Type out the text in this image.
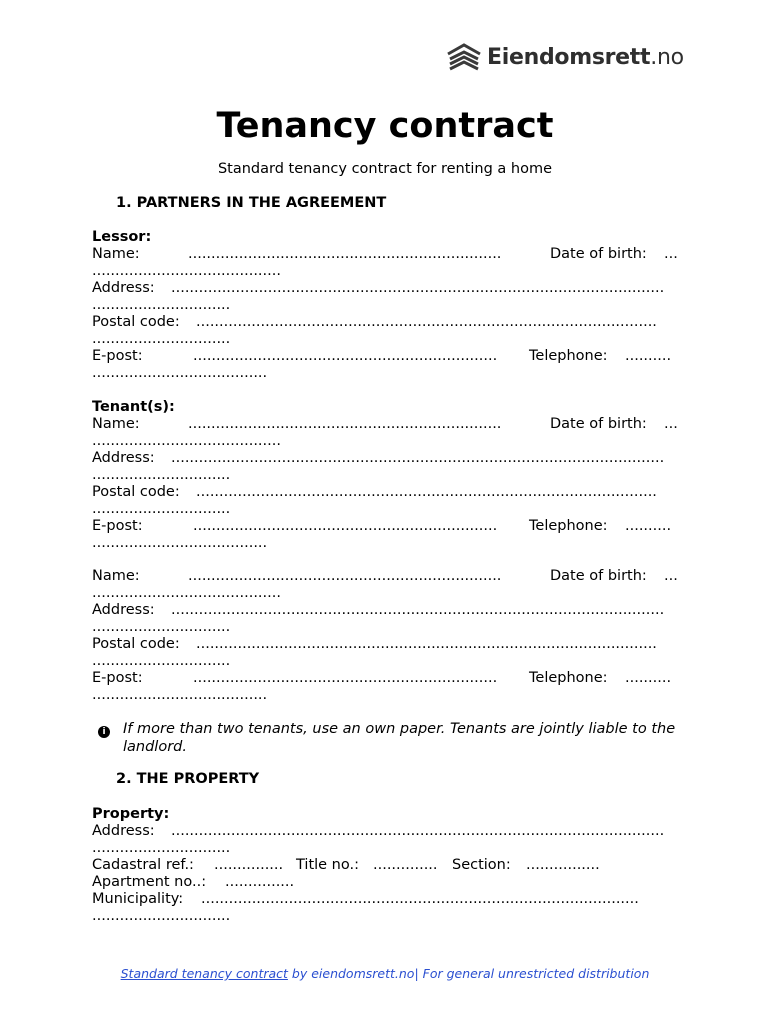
Eiendomsrett.no
Tenancy contract
Standard tenancy contract for renting a home
1. PARTNERS IN THE AGREEMENT
Lessor:
Name:	....................................................................	Date of birth: ...
.........................................
Address: ...........................................................................................................
..............................
Postal code: ....................................................................................................
..............................
E-post:	.................................................................. Telephone: ..........
......................................
Tenant(s):
Name:	....................................................................	Date of birth: ...
.........................................
Address: ...........................................................................................................
..............................
Postal code: ....................................................................................................
..............................
E-post:	.................................................................. Telephone: ..........
......................................
Name:	....................................................................	Date of birth: ...
.........................................
Address: ...........................................................................................................
..............................
Postal code: ....................................................................................................
..............................
E-post:	.................................................................. Telephone: ..........
......................................
i	If more than two tenants, use an own paper. Tenants are jointly liable to the landlord.
2. THE PROPERTY
Property:
Address: ...........................................................................................................
..............................
Cadastral ref.: ............... Title no.: .............. Section: ................
Apartment no..: ...............
Municipality: ...............................................................................................
..............................
Standard tenancy contract by eiendomsrett.no| For general unrestricted distribution
